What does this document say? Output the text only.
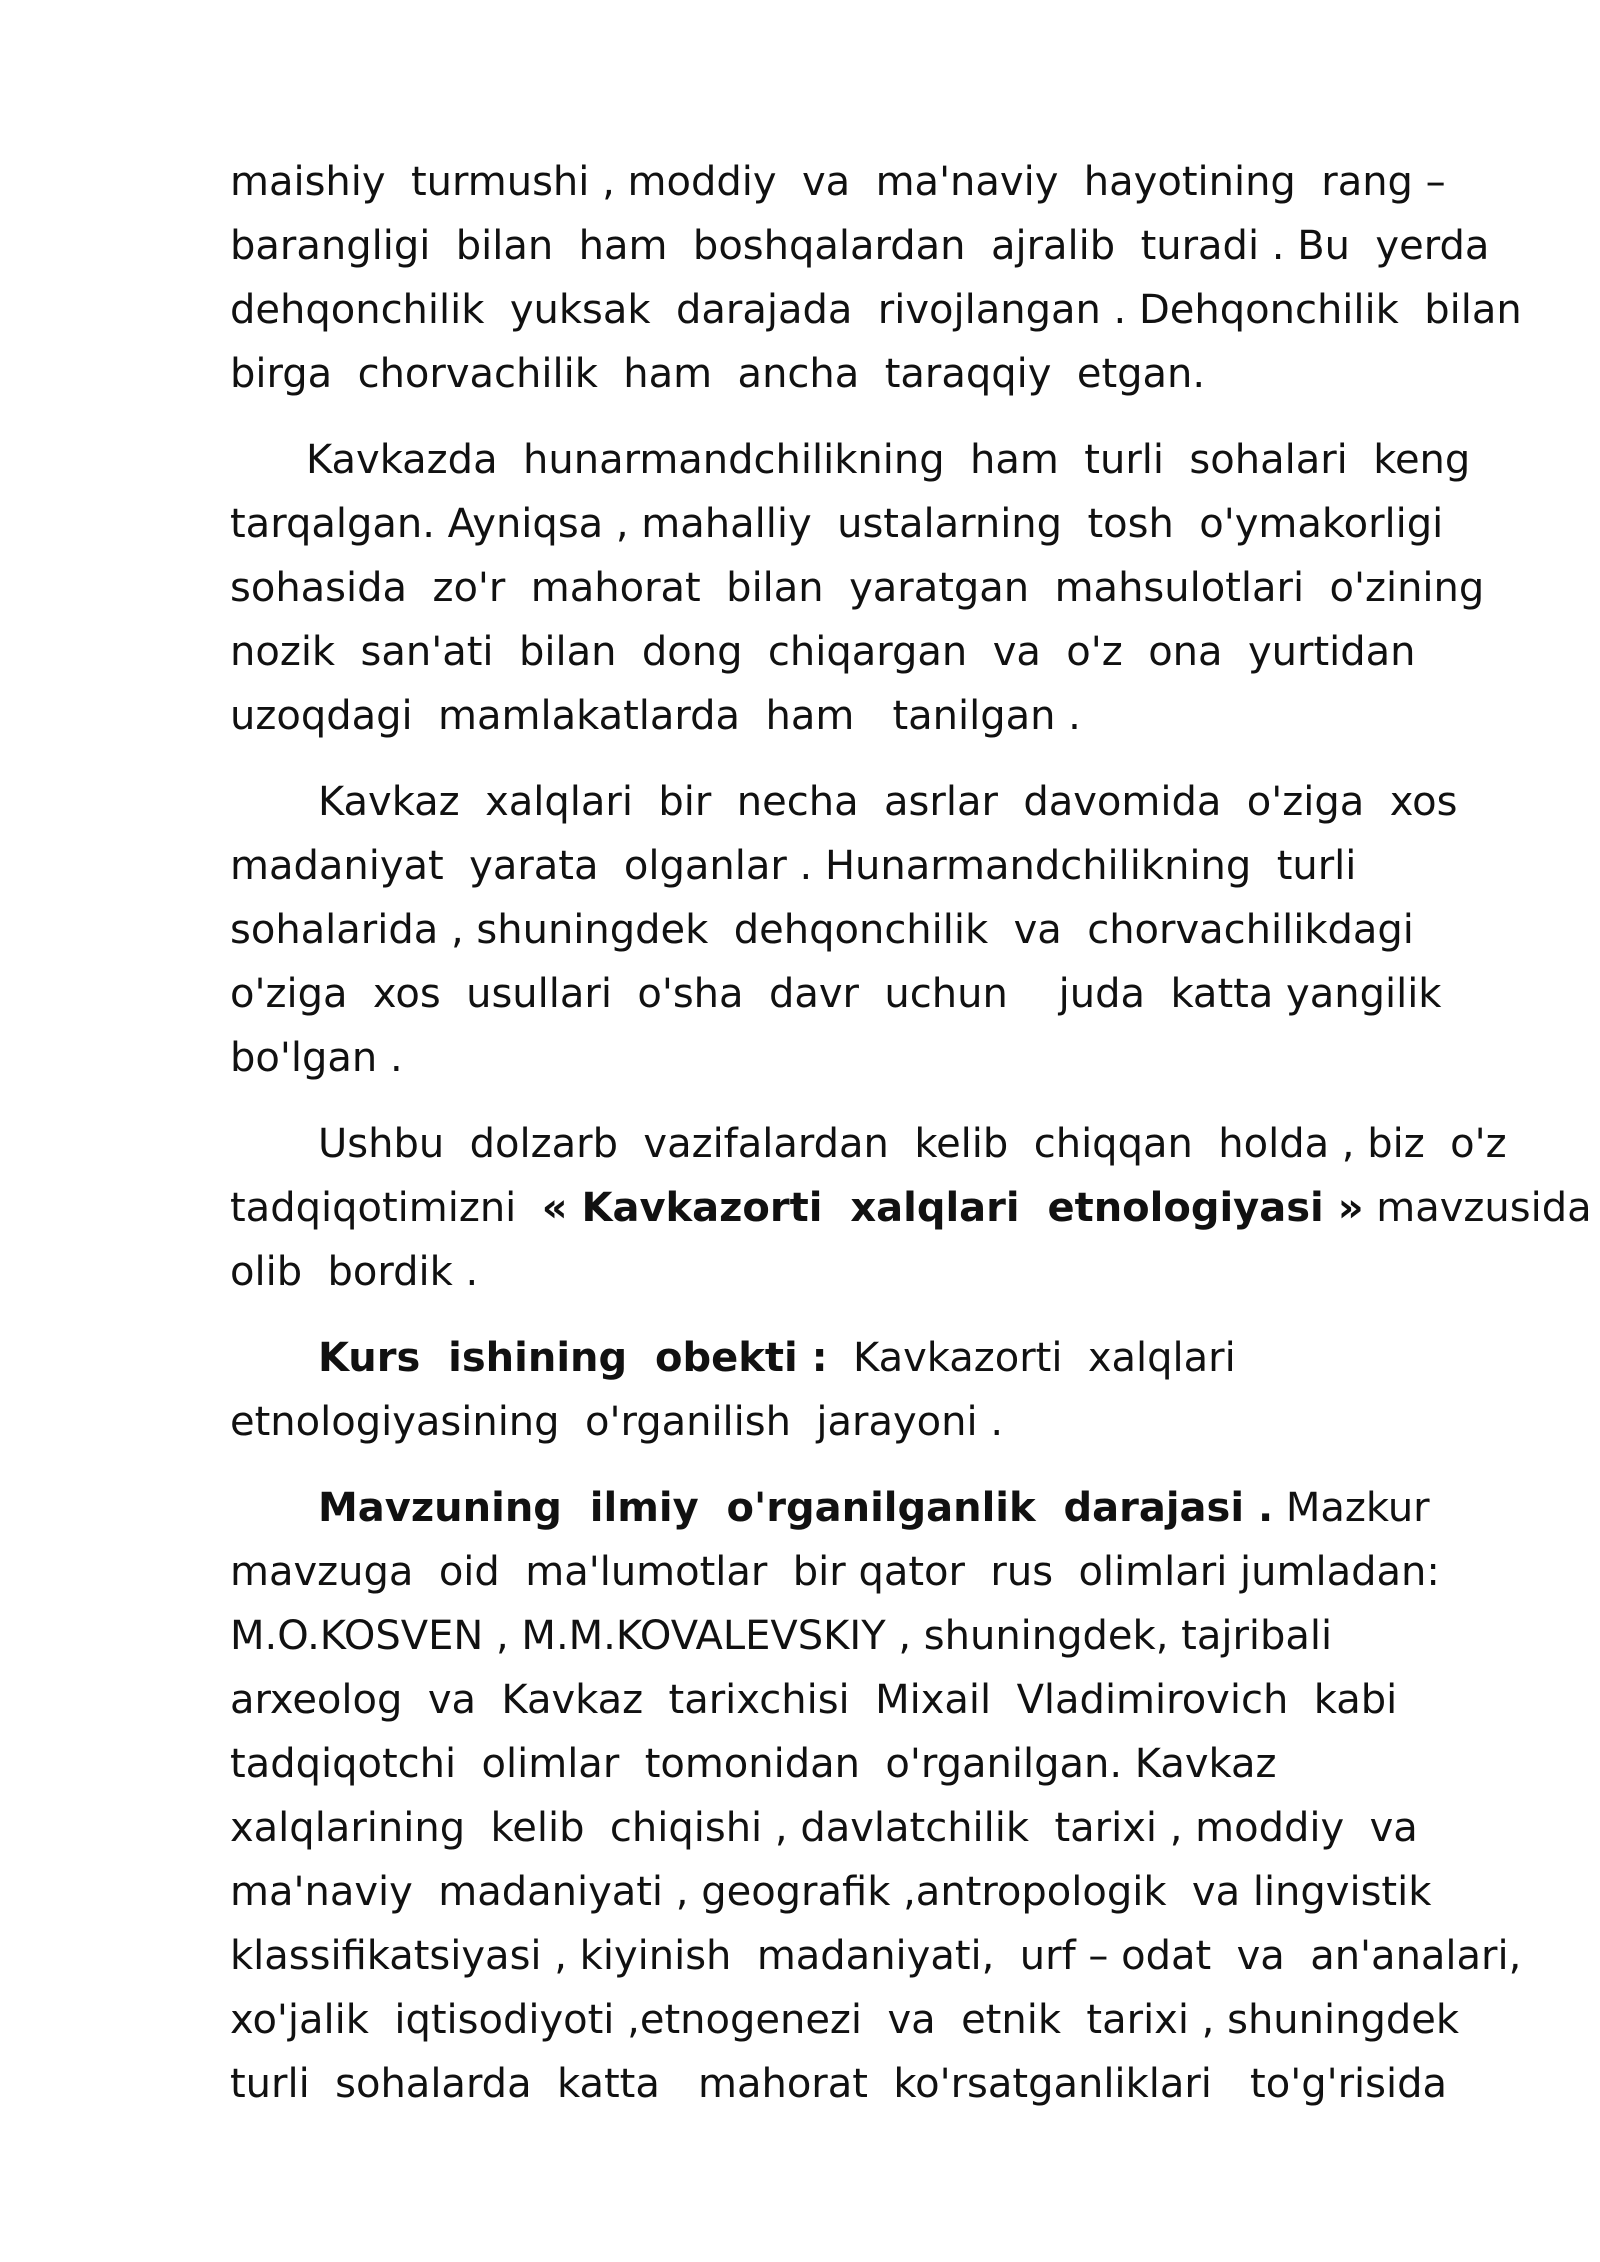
maishiy  turmushi , moddiy  va  ma'naviy  hayotining  rang –
barangligi  bilan  ham  boshqalardan  ajralib  turadi . Bu  yerda
dehqonchilik  yuksak  darajada  rivojlangan . Dehqonchilik  bilan
birga  chorvachilik  ham  ancha  taraqqiy  etgan.

Kavkazda  hunarmandchilikning  ham  turli  sohalari  keng
tarqalgan. Ayniqsa , mahalliy  ustalarning  tosh  o'ymakorligi
sohasida  zo'r  mahorat  bilan  yaratgan  mahsulotlari  o'zining
nozik  san'ati  bilan  dong  chiqargan  va  o'z  ona  yurtidan
uzoqdagi  mamlakatlarda  ham   tanilgan .

Kavkaz  xalqlari  bir  necha  asrlar  davomida  o'ziga  xos
madaniyat  yarata  olganlar . Hunarmandchilikning  turli
sohalarida , shuningdek  dehqonchilik  va  chorvachilikdagi
o'ziga  xos  usullari  o'sha  davr  uchun    juda  katta yangilik
bo'lgan .

Ushbu  dolzarb  vazifalardan  kelib  chiqqan  holda , biz  o'z
tadqiqotimizni  « Kavkazorti  xalqlari  etnologiyasi » mavzusida
olib  bordik .

Kurs  ishining  obekti :  Kavkazorti  xalqlari
etnologiyasining  o'rganilish  jarayoni .

Mavzuning  ilmiy  o'rganilganlik  darajasi . Mazkur
mavzuga  oid  ma'lumotlar  bir qator  rus  olimlari jumladan:
M.O.KOSVEN , M.M.KOVALEVSKIY , shuningdek, tajribali
arxeolog  va  Kavkaz  tarixchisi  Mixail  Vladimirovich  kabi
tadqiqotchi  olimlar  tomonidan  o'rganilgan. Kavkaz
xalqlarining  kelib  chiqishi , davlatchilik  tarixi , moddiy  va
ma'naviy  madaniyati , geografik ,antropologik  va lingvistik
klassifikatsiyasi , kiyinish  madaniyati,  urf – odat  va  an'analari,
xo'jalik  iqtisodiyoti ,etnogenezi  va  etnik  tarixi , shuningdek
turli  sohalarda  katta   mahorat  ko'rsatganliklari   to'g'risida
